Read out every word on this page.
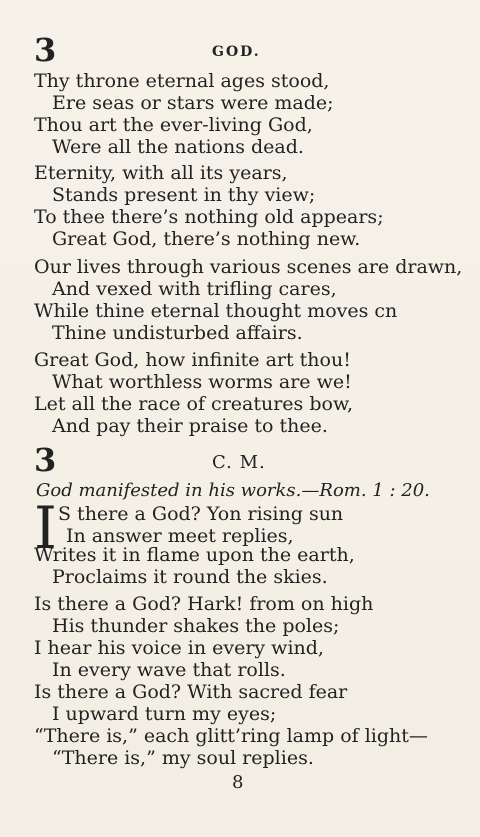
3	GOD.
Thy throne eternal ages stood,
Ere seas or stars were made;
Thou art the ever-living God,
Were all the nations dead.
Eternity, with all its years,
Stands present in thy view;
To thee there’s nothing old appears;
Great God, there’s nothing new.
Our lives through various scenes are drawn,
And vexed with trifling cares,
While thine eternal thought moves cn
Thine undisturbed affairs.
Great God, how infinite art thou!
What worthless worms are we!
Let all the race of creatures bow,
And pay their praise to thee.
3	C. M.
God manifested in his works.—Rom. 1 : 20.
I S there a God? Yon rising sun
In answer meet replies,
Writes it in flame upon the earth,
Proclaims it round the skies.
Is there a God? Hark! from on high
His thunder shakes the poles;
I hear his voice in every wind,
In every wave that rolls.
Is there a God? With sacred fear
I upward turn my eyes;
“There is,” each glitt’ring lamp of light—
“There is,” my soul replies.
8
